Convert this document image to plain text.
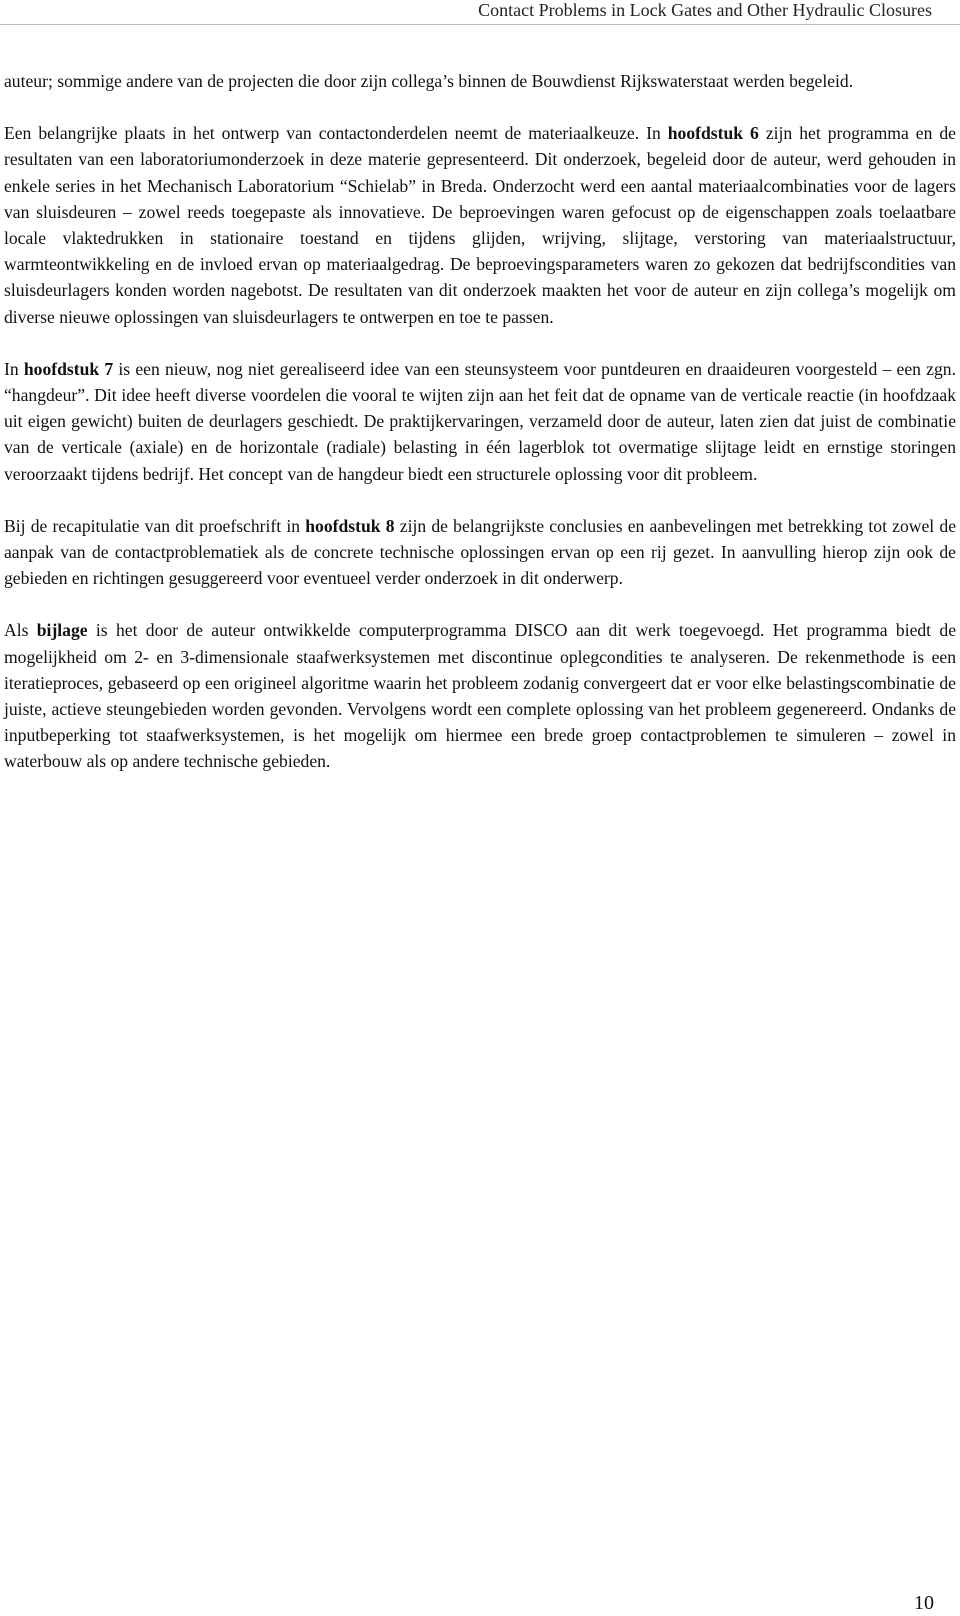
Contact Problems in Lock Gates and Other Hydraulic Closures

auteur; sommige andere van de projecten die door zijn collega’s binnen de Bouwdienst Rijkswaterstaat werden begeleid.

Een belangrijke plaats in het ontwerp van contactonderdelen neemt de materiaalkeuze. In hoofdstuk 6 zijn het programma en de resultaten van een laboratoriumonderzoek in deze materie gepresenteerd. Dit onderzoek, begeleid door de auteur, werd gehouden in enkele series in het Mechanisch Laboratorium “Schielab” in Breda. Onderzocht werd een aantal materiaalcombinaties voor de lagers van sluisdeuren – zowel reeds toegepaste als innovatieve. De beproevingen waren gefocust op de eigenschappen zoals toelaatbare locale vlaktedrukken in stationaire toestand en tijdens glijden, wrijving, slijtage, verstoring van materiaalstructuur, warmteontwikkeling en de invloed ervan op materiaalgedrag. De beproevingsparameters waren zo gekozen dat bedrijfscondities van sluisdeurlagers konden worden nagebotst. De resultaten van dit onderzoek maakten het voor de auteur en zijn collega’s mogelijk om diverse nieuwe oplossingen van sluisdeurlagers te ontwerpen en toe te passen.

In hoofdstuk 7 is een nieuw, nog niet gerealiseerd idee van een steunsysteem voor puntdeuren en draaideuren voorgesteld – een zgn. “hangdeur”. Dit idee heeft diverse voordelen die vooral te wijten zijn aan het feit dat de opname van de verticale reactie (in hoofdzaak uit eigen gewicht) buiten de deurlagers geschiedt. De praktijkervaringen, verzameld door de auteur, laten zien dat juist de combinatie van de verticale (axiale) en de horizontale (radiale) belasting in één lagerblok tot overmatige slijtage leidt en ernstige storingen veroorzaakt tijdens bedrijf. Het concept van de hangdeur biedt een structurele oplossing voor dit probleem.

Bij de recapitulatie van dit proefschrift in hoofdstuk 8 zijn de belangrijkste conclusies en aanbevelingen met betrekking tot zowel de aanpak van de contactproblematiek als de concrete technische oplossingen ervan op een rij gezet. In aanvulling hierop zijn ook de gebieden en richtingen gesuggereerd voor eventueel verder onderzoek in dit onderwerp.

Als bijlage is het door de auteur ontwikkelde computerprogramma DISCO aan dit werk toegevoegd. Het programma biedt de mogelijkheid om 2- en 3-dimensionale staafwerksystemen met discontinue oplegcondities te analyseren. De rekenmethode is een iteratieproces, gebaseerd op een origineel algoritme waarin het probleem zodanig convergeert dat er voor elke belastingscombinatie de juiste, actieve steungebieden worden gevonden. Vervolgens wordt een complete oplossing van het probleem gegenereerd. Ondanks de inputbeperking tot staafwerksystemen, is het mogelijk om hiermee een brede groep contactproblemen te simuleren – zowel in waterbouw als op andere technische gebieden.

10
